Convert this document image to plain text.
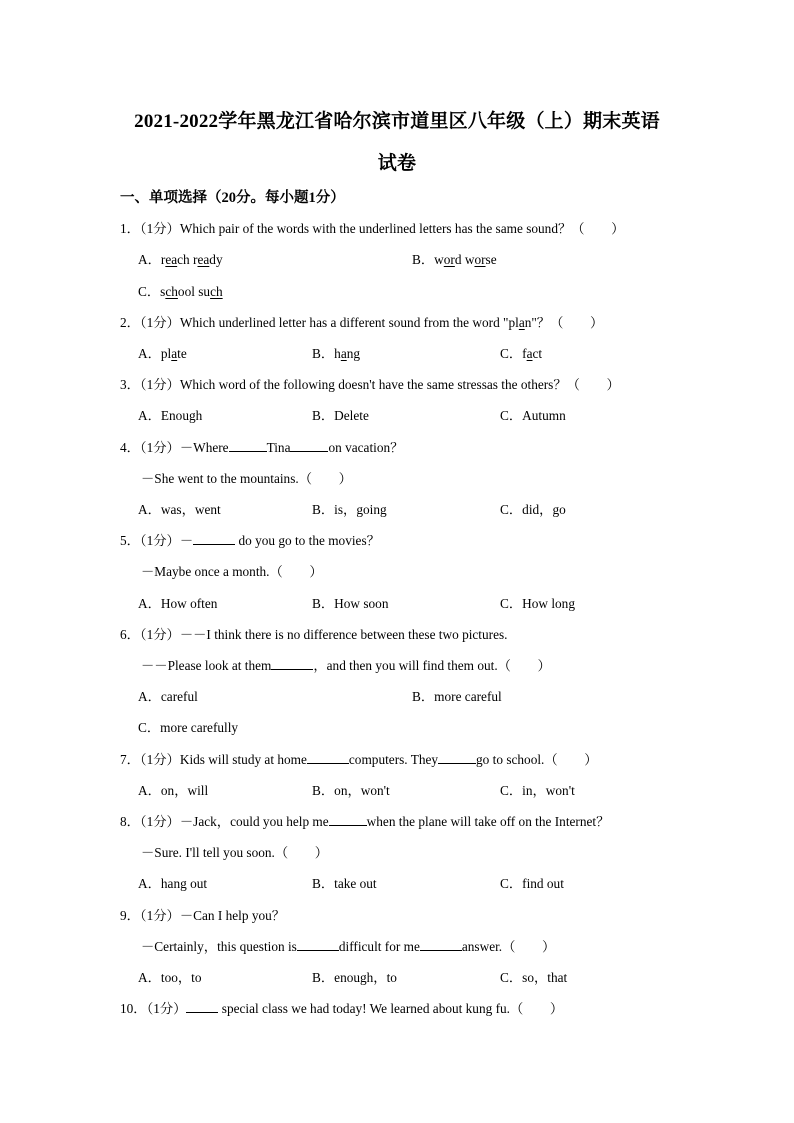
2021-2022学年黑龙江省哈尔滨市道里区八年级（上）期末英语
试卷
一、单项选择（20分。每小题1分）
1．（1分）Which pair of the words with the underlined letters has the same sound？（　　）
A．reach ready	B．word worse
C．school such
2．（1分）Which underlined letter has a different sound from the word "plan"？（　　）
A．plate	B．hang	C．fact
3．（1分）Which word of the following doesn't have the same stressas the others？（　　）
A．Enough	B．Delete	C．Autumn
4．（1分）－Where	Tina	on vacation？
－She went to the mountains.（　　）
A．was，went	B．is，going	C．did，go
5．（1分）－	do you go to the movies？
－Maybe once a month.（　　）
A．How often	B．How soon	C．How long
6．（1分）－－I think there is no difference between these two pictures.
－－Please look at them	，and then you will find them out.（　　）
A．careful	B．more careful
C．more carefully
7．（1分）Kids will study at home	computers. They	go to school.（　　）
A．on，will	B．on，won't	C．in，won't
8．（1分）－Jack，could you help me	when the plane will take off on the Internet？
－Sure. I'll tell you soon.（　　）
A．hang out	B．take out	C．find out
9．（1分）－Can I help you？
－Certainly，this question is	difficult for me	answer.（　　）
A．too，to	B．enough，to	C．so，that
10．（1分） special class we had today! We learned about kung fu.（　　）
